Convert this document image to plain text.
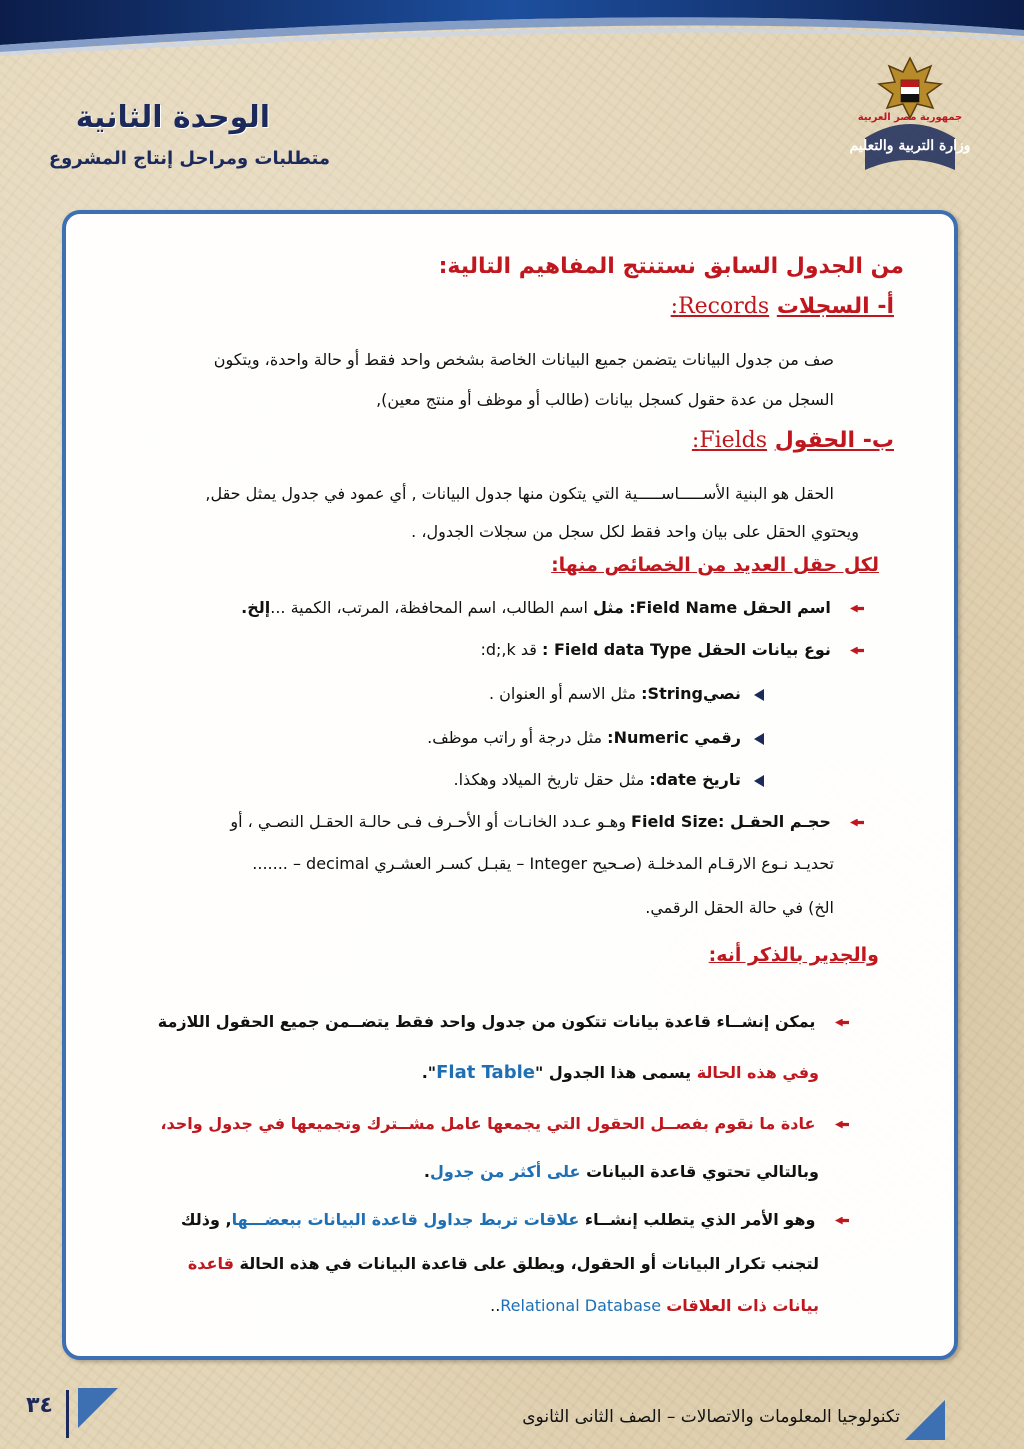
جمهورية مصر العربية
وزارة التربية والتعليم
الوحدة الثانية
متطلبات ومراحل إنتاج المشروع
من الجدول السابق نستنتج المفاهيم التالية:
أ- السجلات Records:
صف من جدول البيانات يتضمن جميع البيانات الخاصة بشخص واحد فقط أو حالة واحدة، ويتكون
السجل من عدة حقول كسجل بيانات (طالب أو موظف أو منتج معين),
ب- الحقول Fields:
الحقل هو البنية الأســـــاســـــية التي يتكون منها جدول البيانات , أي عمود في جدول يمثل حقل,
ويحتوي الحقل على بيان واحد فقط لكل سجل من سجلات الجدول، .
لكل حقل العديد من الخصائص منها:
اسم الحقل Field Name: مثل اسم الطالب، اسم المحافظة، المرتب، الكمية ...إلخ.
نوع بيانات الحقل Field data Type : قد d;,k:
نصيString: مثل الاسم أو العنوان .
رقمي Numeric: مثل درجة أو راتب موظف.
تاريخ date: مثل حقل تاريخ الميلاد وهكذا.
حجـم الحقـل :Field Size وهـو عـدد الخانـات أو الأحـرف فـى حالـة الحقـل النصـي ، أو
تحديـد نـوع الارقـام المدخلـة (صـحيح Integer – يقبـل كسـر العشـري decimal – .......
الخ) في حالة الحقل الرقمي.
والجدير بالذكر أنه:
يمكن إنشــاء قاعدة بيانات تتكون من جدول واحد فقط يتضــمن جميع الحقول اللازمة
وفي هذه الحالة يسمى هذا الجدول "Flat Table".
عادة ما نقوم بفصــل الحقول التي يجمعها عامل مشــترك وتجميعها في جدول واحد،
وبالتالي تحتوي قاعدة البيانات على أكثر من جدول.
وهو الأمر الذي يتطلب إنشــاء علاقات تربط جداول قاعدة البيانات ببعضـــها, وذلك
لتجنب تكرار البيانات أو الحقول، ويطلق على قاعدة البيانات في هذه الحالة قاعدة
بيانات ذات العلاقات Relational Database..
٣٤	تكنولوجيا المعلومات والاتصالات – الصف الثانى الثانوى
